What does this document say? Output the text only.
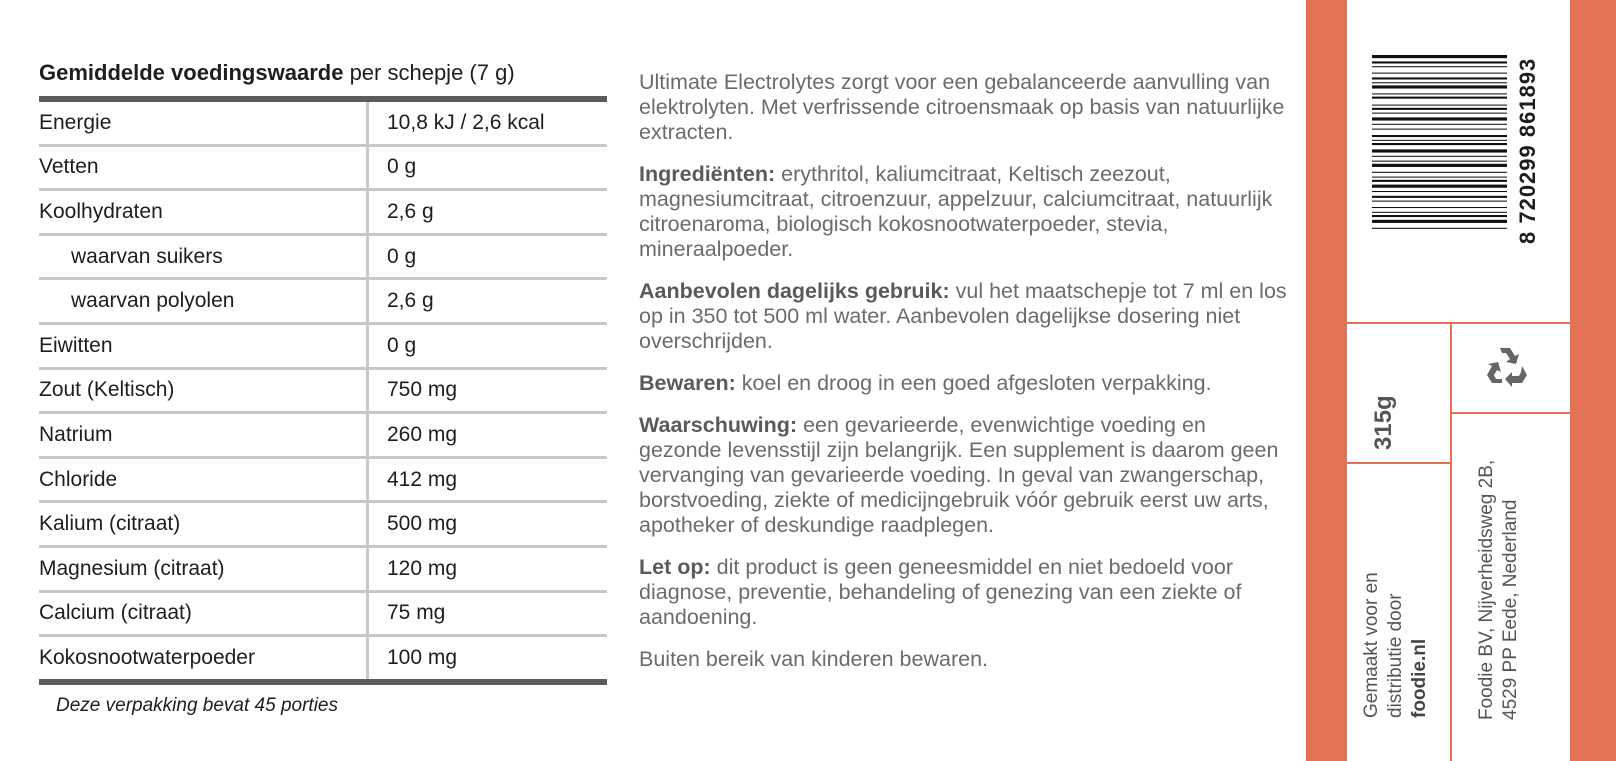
Gemiddelde voedingswaarde per schepje (7 g)
Energie	10,8 kJ / 2,6 kcal
Vetten	0 g
Koolhydraten	2,6 g
waarvan suikers	0 g
waarvan polyolen	2,6 g
Eiwitten	0 g
Zout (Keltisch)	750 mg
Natrium	260 mg
Chloride	412 mg
Kalium (citraat)	500 mg
Magnesium (citraat)	120 mg
Calcium (citraat)	75 mg
Kokosnootwaterpoeder	100 mg
Deze verpakking bevat 45 porties

Ultimate Electrolytes zorgt voor een gebalanceerde aanvulling van elektrolyten. Met verfrissende citroensmaak op basis van natuurlijke extracten.

Ingrediënten: erythritol, kaliumcitraat, Keltisch zeezout, magnesiumcitraat, citroenzuur, appelzuur, calciumcitraat, natuurlijk citroenaroma, biologisch kokosnootwaterpoeder, stevia, mineraalpoeder.

Aanbevolen dagelijks gebruik: vul het maatschepje tot 7 ml en los op in 350 tot 500 ml water. Aanbevolen dagelijkse dosering niet overschrijden.

Bewaren: koel en droog in een goed afgesloten verpakking.

Waarschuwing: een gevarieerde, evenwichtige voeding en gezonde levensstijl zijn belangrijk. Een supplement is daarom geen vervanging van gevarieerde voeding. In geval van zwangerschap, borstvoeding, ziekte of medicijngebruik vóór gebruik eerst uw arts, apotheker of deskundige raadplegen.

Let op: dit product is geen geneesmiddel en niet bedoeld voor diagnose, preventie, behandeling of genezing van een ziekte of aandoening.

Buiten bereik van kinderen bewaren.

8 720299 861893
315g
Gemaakt voor en distributie door foodie.nl Foodie BV, Nijverheidsweg 2B, 4529 PP Eede, Nederland
